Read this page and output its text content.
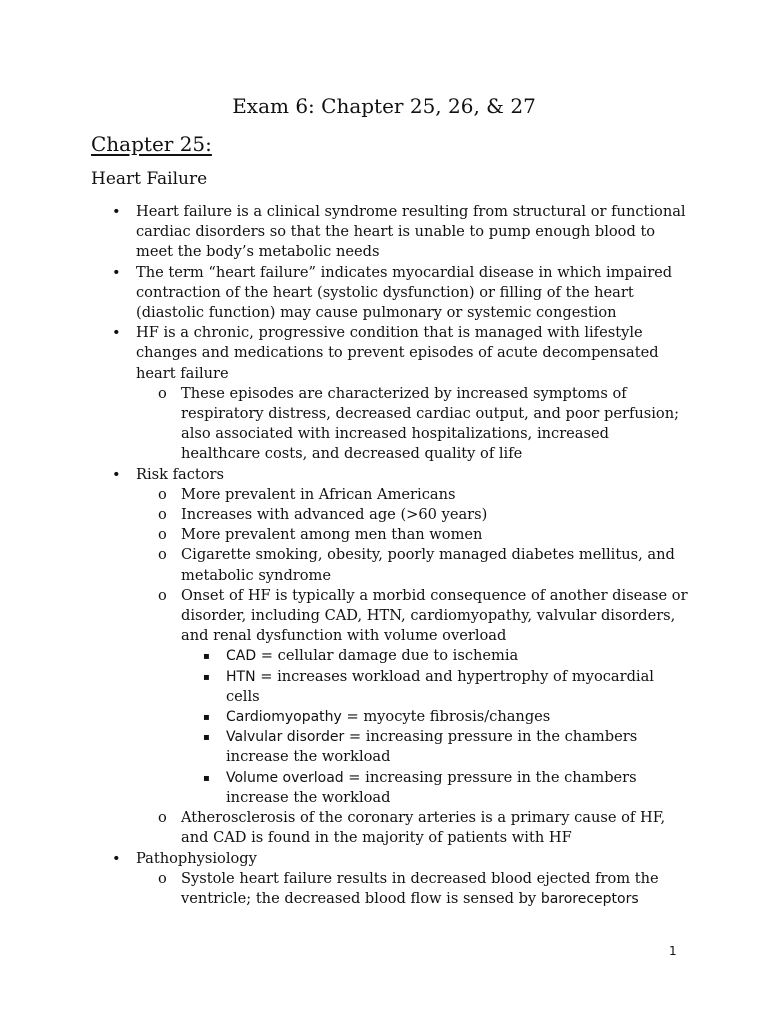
Exam 6: Chapter 25, 26, & 27
Chapter 25:
Heart Failure
• Heart failure is a clinical syndrome resulting from structural or functional cardiac disorders so that the heart is unable to pump enough blood to meet the body’s metabolic needs
• The term “heart failure” indicates myocardial disease in which impaired contraction of the heart (systolic dysfunction) or filling of the heart (diastolic function) may cause pulmonary or systemic congestion
• HF is a chronic, progressive condition that is managed with lifestyle changes and medications to prevent episodes of acute decompensated heart failure
o These episodes are characterized by increased symptoms of respiratory distress, decreased cardiac output, and poor perfusion; also associated with increased hospitalizations, increased healthcare costs, and decreased quality of life
• Risk factors
o More prevalent in African Americans
o Increases with advanced age (>60 years)
o More prevalent among men than women
o Cigarette smoking, obesity, poorly managed diabetes mellitus, and metabolic syndrome
o Onset of HF is typically a morbid consequence of another disease or disorder, including CAD, HTN, cardiomyopathy, valvular disorders, and renal dysfunction with volume overload
▪ CAD = cellular damage due to ischemia
▪ HTN = increases workload and hypertrophy of myocardial cells
▪ Cardiomyopathy = myocyte fibrosis/changes
▪ Valvular disorder = increasing pressure in the chambers increase the workload
▪ Volume overload = increasing pressure in the chambers increase the workload
o Atherosclerosis of the coronary arteries is a primary cause of HF, and CAD is found in the majority of patients with HF
• Pathophysiology
o Systole heart failure results in decreased blood ejected from the ventricle; the decreased blood flow is sensed by baroreceptors
1
